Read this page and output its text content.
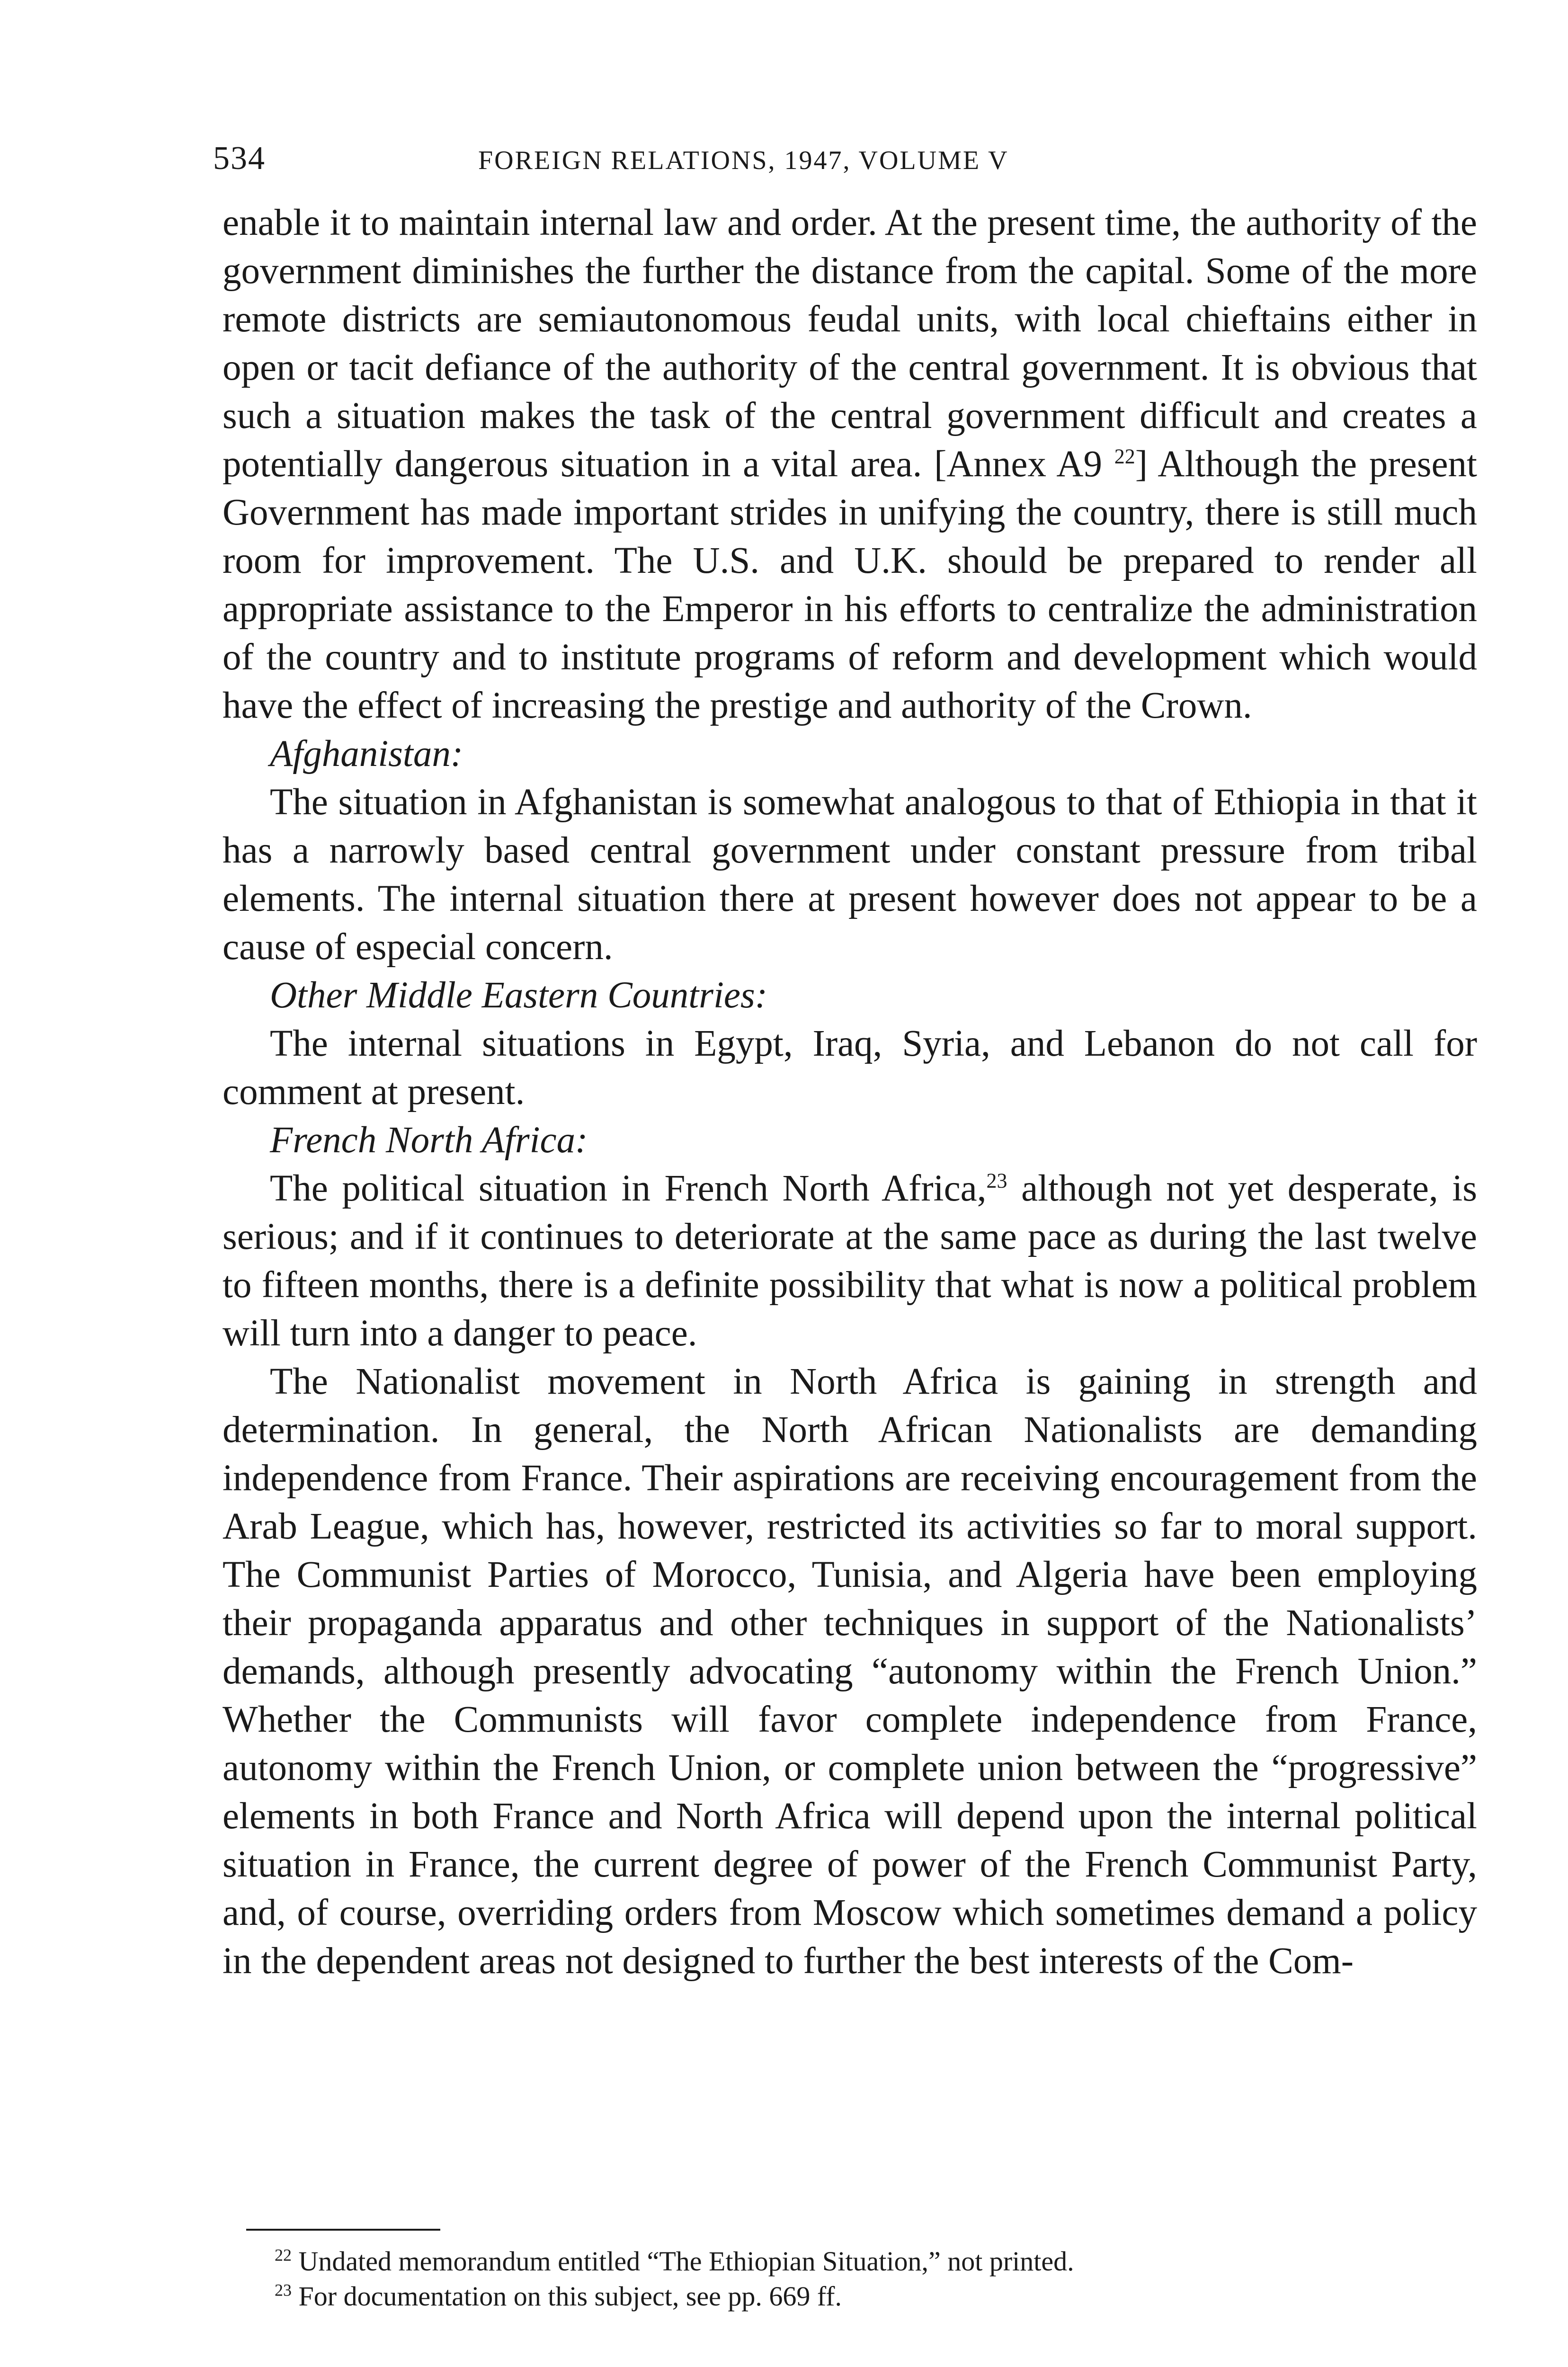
534	FOREIGN RELATIONS, 1947, VOLUME V

enable it to maintain internal law and order. At the present time, the authority of the government diminishes the further the distance from the capital. Some of the more remote districts are semiautonomous feudal units, with local chieftains either in open or tacit defiance of the authority of the central government. It is obvious that such a situation makes the task of the central government difficult and creates a potentially dangerous situation in a vital area. [Annex A9 $^{22}$] Although the present Government has made important strides in unifying the country, there is still much room for improvement. The U.S. and U.K. should be prepared to render all appropriate assistance to the Emperor in his efforts to centralize the administration of the country and to institute programs of reform and development which would have the effect of increasing the prestige and authority of the Crown.

Afghanistan:

The situation in Afghanistan is somewhat analogous to that of Ethiopia in that it has a narrowly based central government under constant pressure from tribal elements. The internal situation there at present however does not appear to be a cause of especial concern.

Other Middle Eastern Countries:

The internal situations in Egypt, Iraq, Syria, and Lebanon do not call for comment at present.

French North Africa:

The political situation in French North Africa,$^{23}$ although not yet desperate, is serious; and if it continues to deteriorate at the same pace as during the last twelve to fifteen months, there is a definite possibility that what is now a political problem will turn into a danger to peace.

The Nationalist movement in North Africa is gaining in strength and determination. In general, the North African Nationalists are demanding independence from France. Their aspirations are receiving encouragement from the Arab League, which has, however, restricted its activities so far to moral support. The Communist Parties of Morocco, Tunisia, and Algeria have been employing their propaganda apparatus and other techniques in support of the Nationalists’ demands, although presently advocating “autonomy within the French Union.” Whether the Communists will favor complete independence from France, autonomy within the French Union, or complete union between the “progressive” elements in both France and North Africa will depend upon the internal political situation in France, the current degree of power of the French Communist Party, and, of course, overriding orders from Moscow which sometimes demand a policy in the dependent areas not designed to further the best interests of the Com-

$^{22}$ Undated memorandum entitled “The Ethiopian Situation,” not printed.

$^{23}$ For documentation on this subject, see pp. 669 ff.
